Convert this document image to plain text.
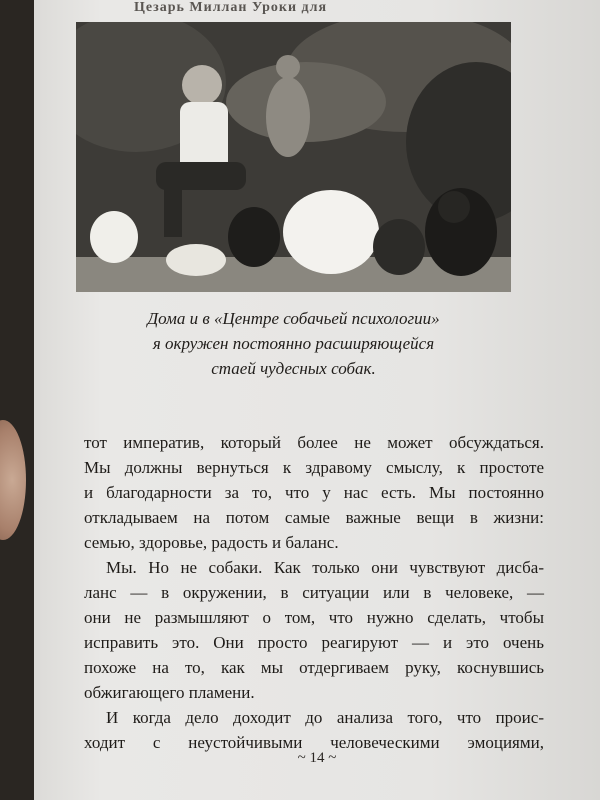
Цезарь Миллан Уроки для
Дома и в «Центре собачьей психологии»
я окружен постоянно расширяющейся
стаей чудесных собак.
тот императив, который более не может обсуждаться.
Мы должны вернуться к здравому смыслу, к простоте
и благодарности за то, что у нас есть. Мы постоянно
откладываем на потом самые важные вещи в жизни:
семью, здоровье, радость и баланс.
Мы. Но не собаки. Как только они чувствуют дисба-
ланс — в окружении, в ситуации или в человеке, —
они не размышляют о том, что нужно сделать, чтобы
исправить это. Они просто реагируют — и это очень
похоже на то, как мы отдергиваем руку, коснувшись
обжигающего пламени.
И когда дело доходит до анализа того, что проис-
ходит с неустойчивыми человеческими эмоциями,
~ 14 ~
